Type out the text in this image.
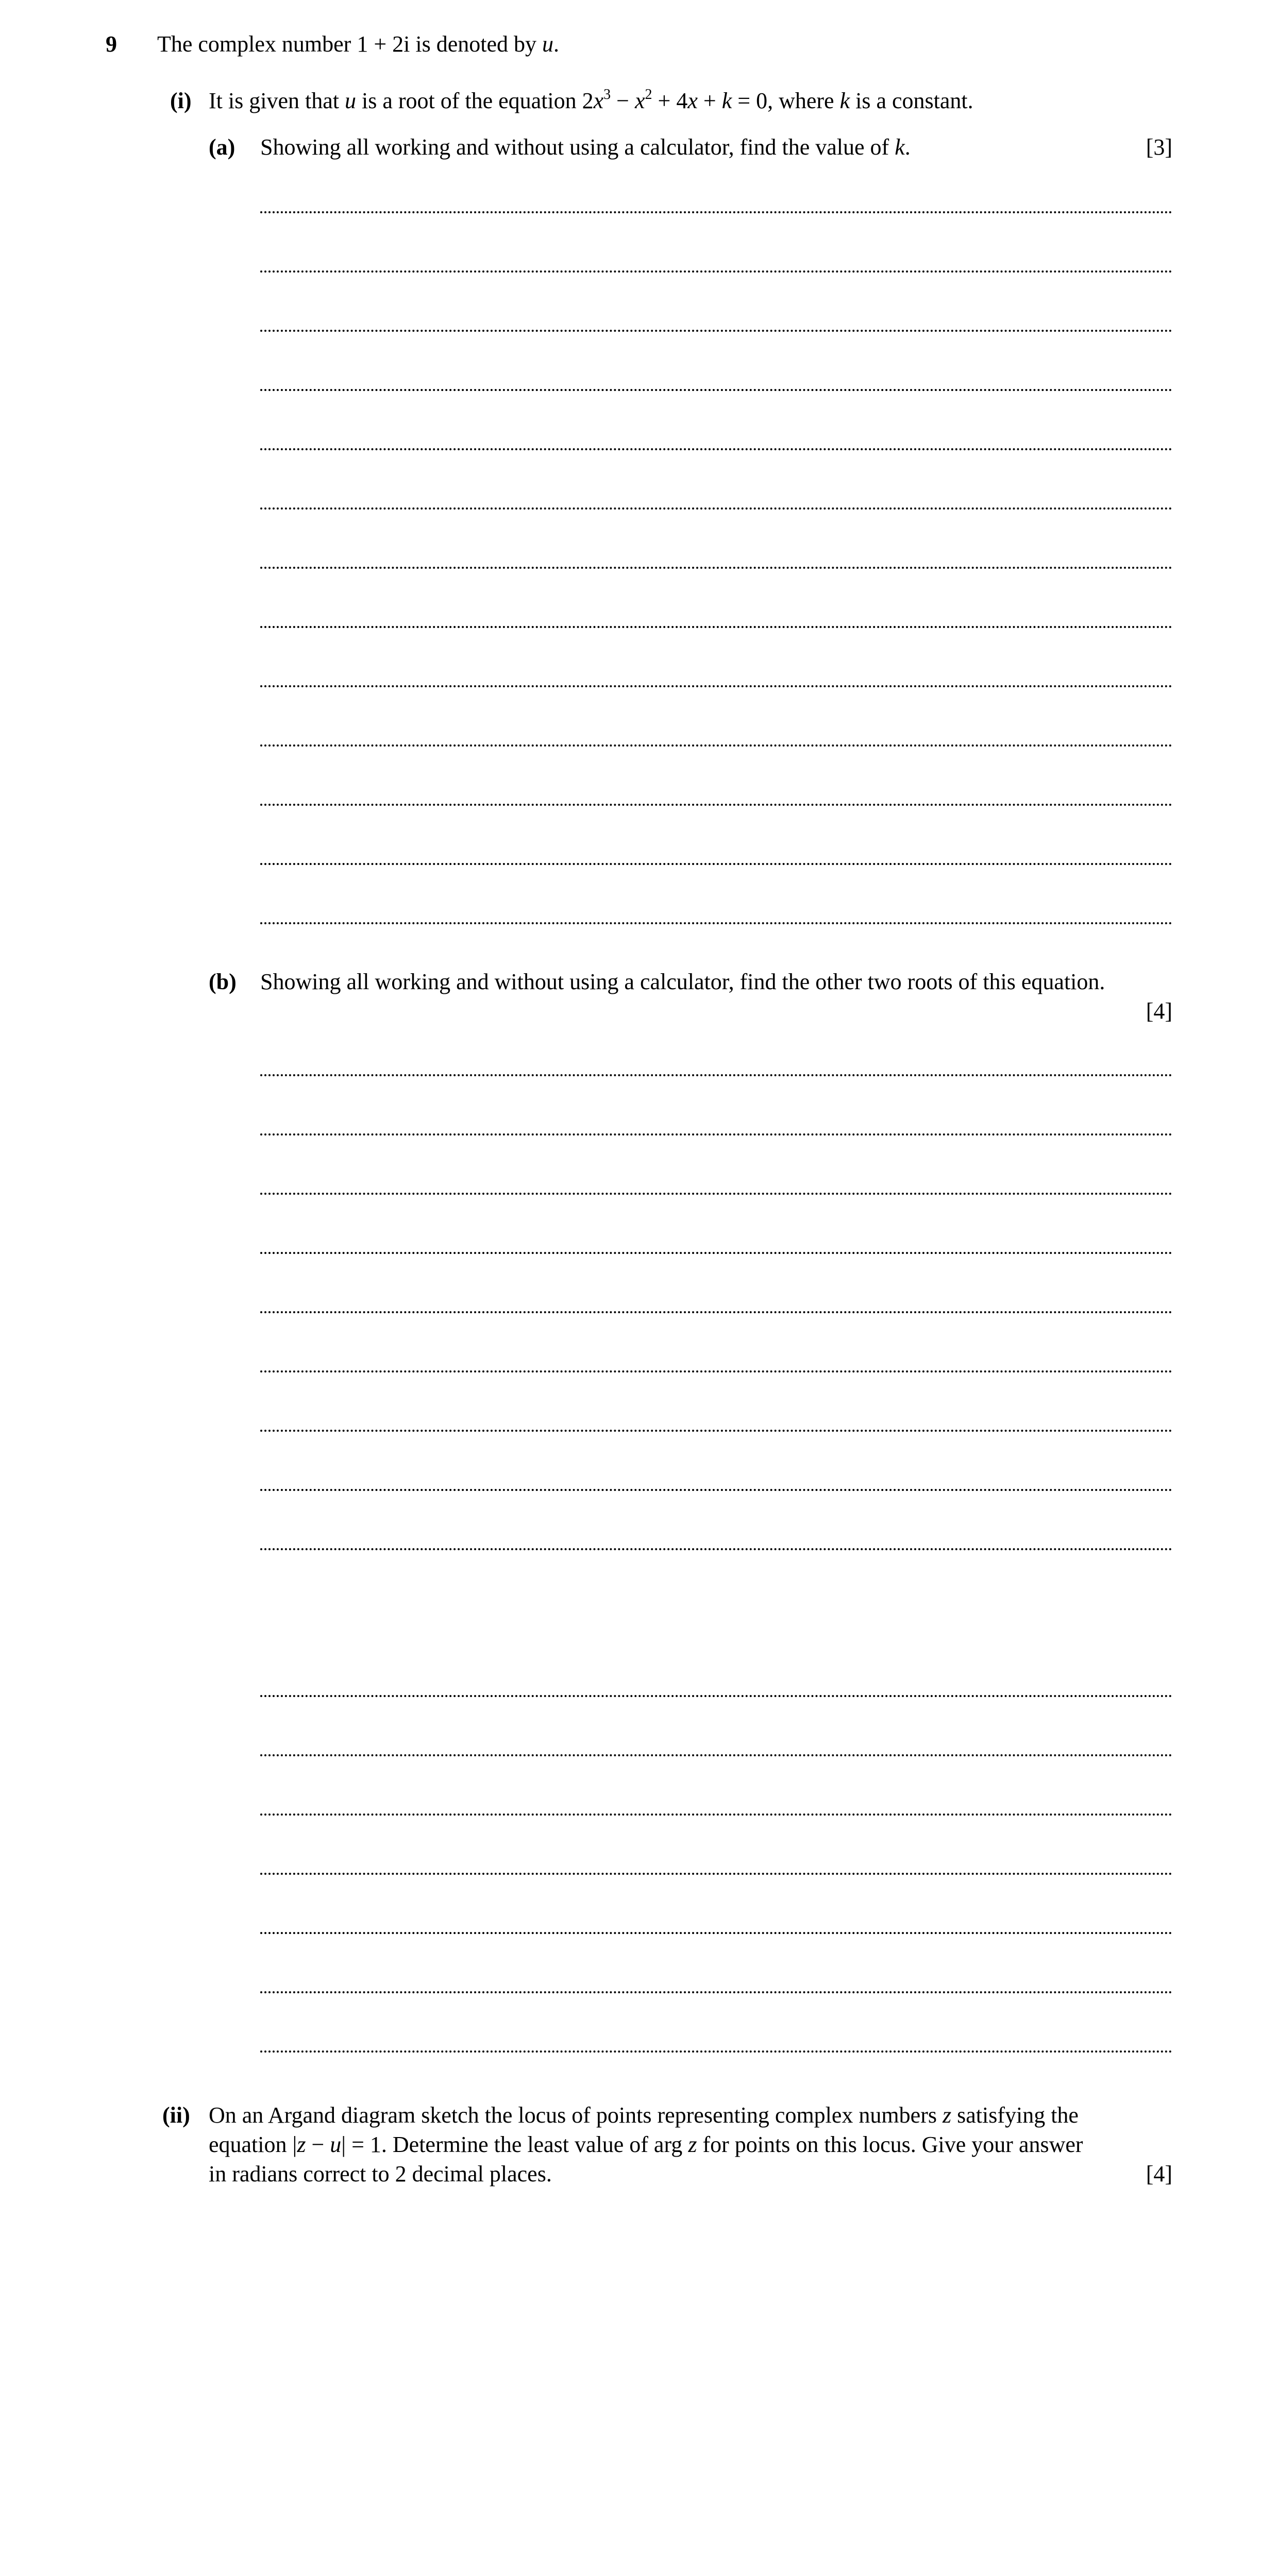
9 The complex number 1 + 2i is denoted by u.
(i) It is given that u is a root of the equation $2x^3 - x^2 + 4x + k = 0$, where k is a constant.
(a) Showing all working and without using a calculator, find the value of k.	[3]
(b) Showing all working and without using a calculator, find the other two roots of this equation.
[4]
(ii) On an Argand diagram sketch the locus of points representing complex numbers z satisfying the
equation |z − u| = 1. Determine the least value of arg z for points on this locus. Give your answer
in radians correct to 2 decimal places.	[4]
